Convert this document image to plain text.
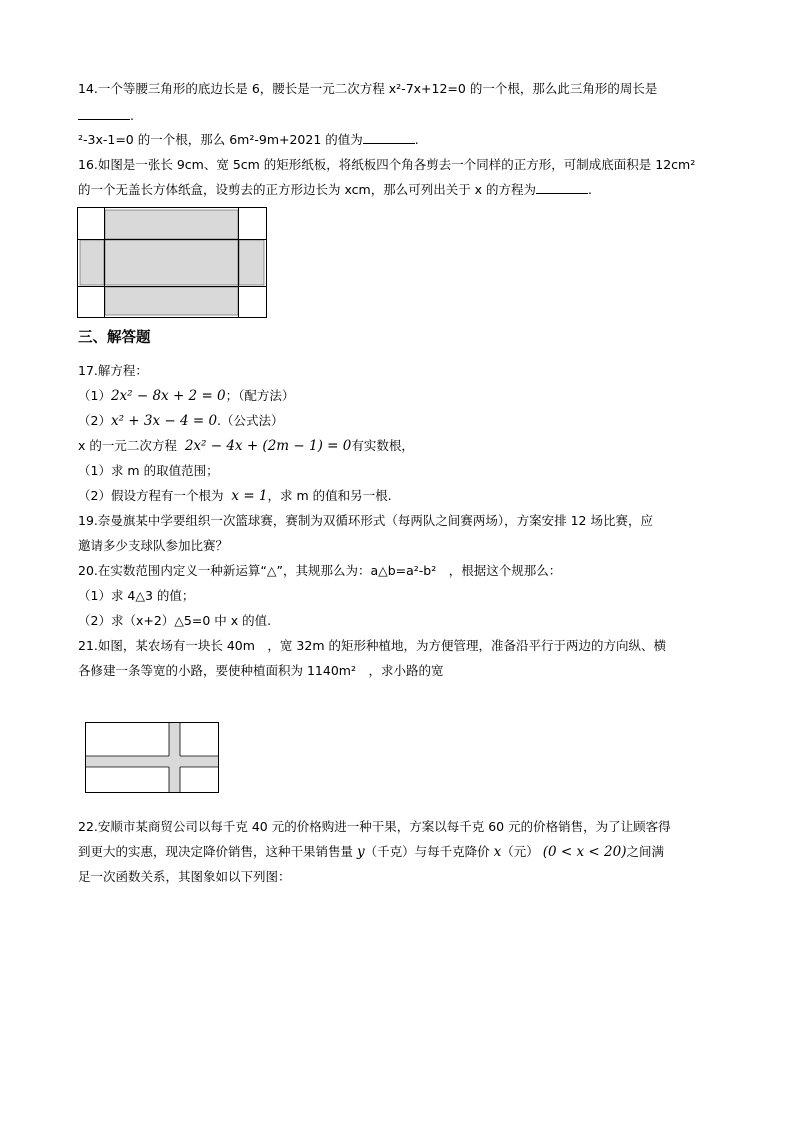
14.一个等腰三角形的底边长是 6，腰长是一元二次方程 x²-7x+12=0 的一个根，那么此三角形的周长是
.
²-3x-1=0 的一个根，那么 6m²-9m+2021 的值为	.
16.如图是一张长 9cm、宽 5cm 的矩形纸板，将纸板四个角各剪去一个同样的正方形，可制成底面积是 12cm²
的一个无盖长方体纸盒，设剪去的正方形边长为 xcm，那么可列出关于 x 的方程为	.
三、解答题
17.解方程：
（1）2x² − 8x + 2 = 0；（配方法）
（2）x² + 3x − 4 = 0.（公式法）
x 的一元二次方程 2x² − 4x + (2m − 1) = 0有实数根，
（1）求 m 的取值范围；
（2）假设方程有一个根为 x = 1，求 m 的值和另一根.
19.奈曼旗某中学要组织一次篮球赛，赛制为双循环形式（每两队之间赛两场），方案安排 12 场比赛，应
邀请多少支球队参加比赛？
20.在实数范围内定义一种新运算“△”，其规那么为：a△b=a²-b²　，根据这个规那么：
（1）求 4△3 的值；
（2）求（x+2）△5=0 中 x 的值.
21.如图，某农场有一块长 40m　，宽 32m 的矩形种植地，为方便管理，准备沿平行于两边的方向纵、横
各修建一条等宽的小路，要使种植面积为 1140m²　，求小路的宽
22.安顺市某商贸公司以每千克 40 元的价格购进一种干果，方案以每千克 60 元的价格销售，为了让顾客得
到更大的实惠，现决定降价销售，这种干果销售量 y（千克）与每千克降价 x（元） (0 < x < 20)之间满
足一次函数关系，其图象如以下列图：
